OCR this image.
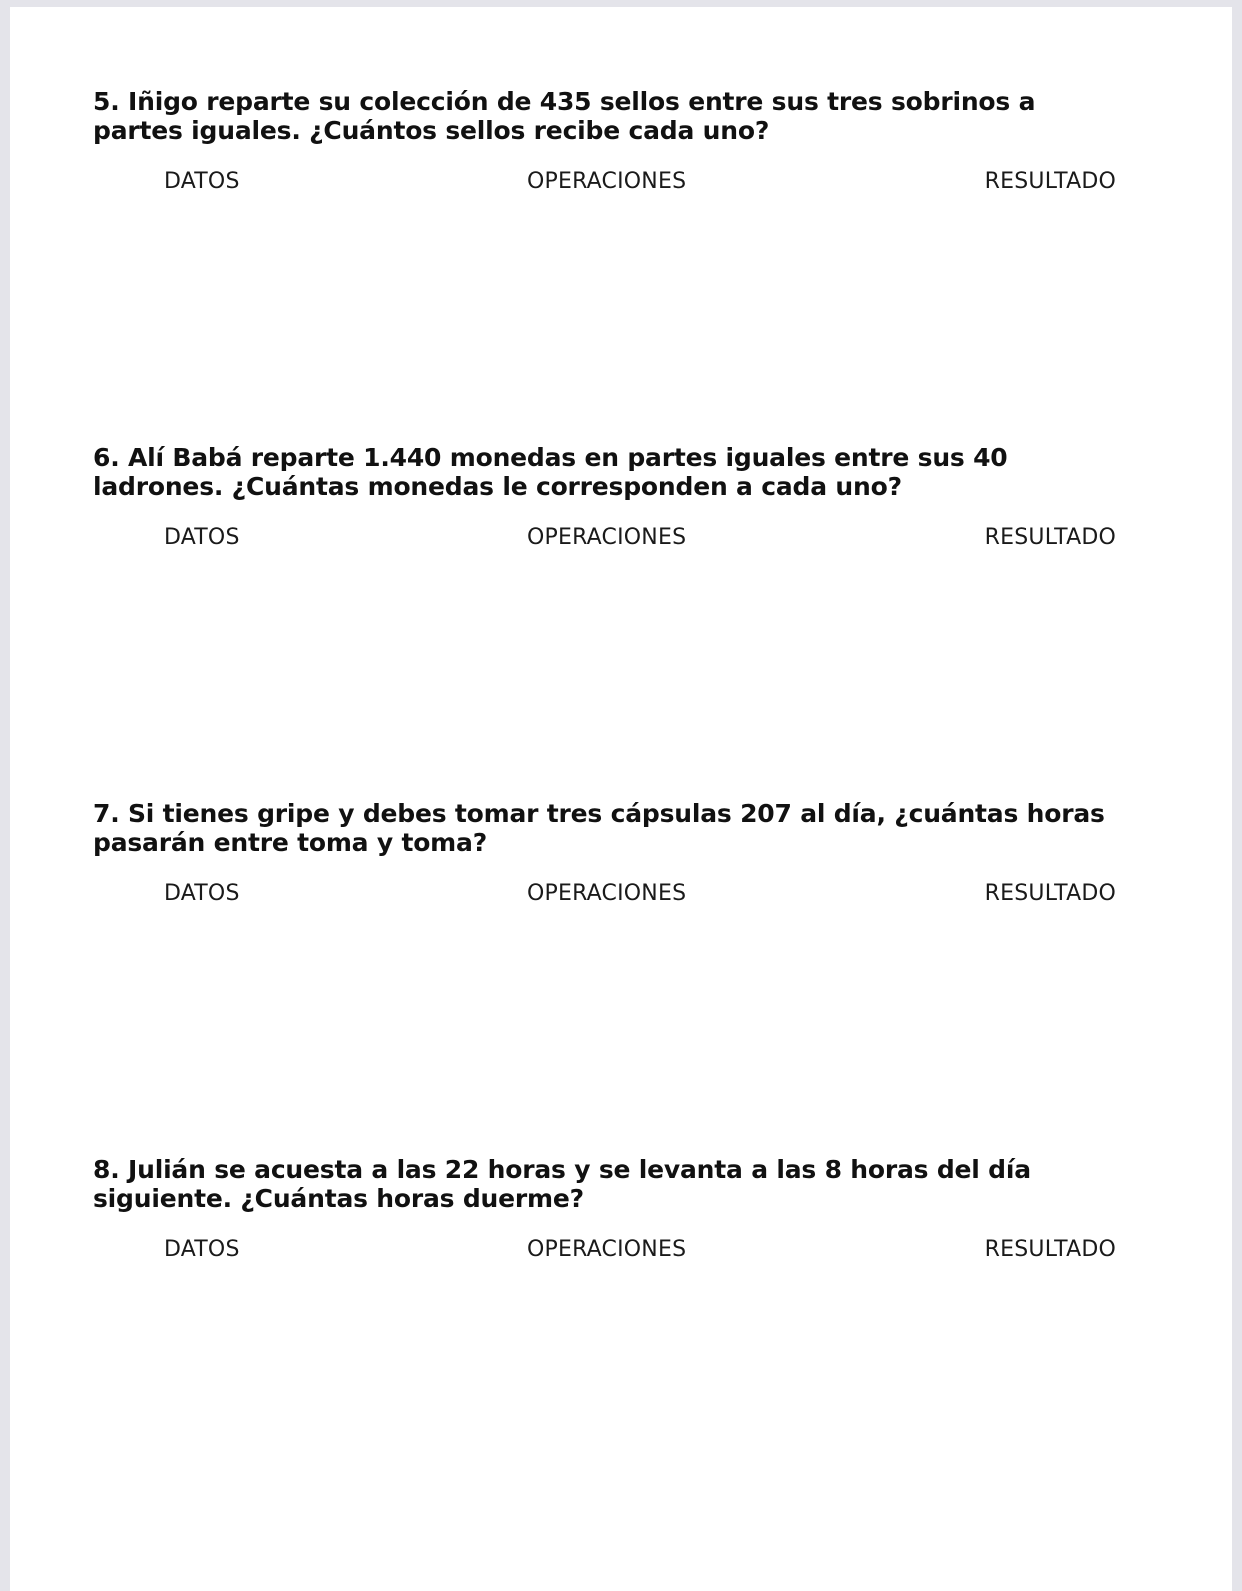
5. Iñigo reparte su colección de 435 sellos entre sus tres sobrinos a partes iguales. ¿Cuántos sellos recibe cada uno?

DATOS	OPERACIONES	RESULTADO

6. Alí Babá reparte 1.440 monedas en partes iguales entre sus 40 ladrones. ¿Cuántas monedas le corresponden a cada uno?

DATOS	OPERACIONES	RESULTADO

7. Si tienes gripe y debes tomar tres cápsulas 207 al día, ¿cuántas horas pasarán entre toma y toma?

DATOS	OPERACIONES	RESULTADO

8. Julián se acuesta a las 22 horas y se levanta a las 8 horas del día siguiente. ¿Cuántas horas duerme?

DATOS	OPERACIONES	RESULTADO
